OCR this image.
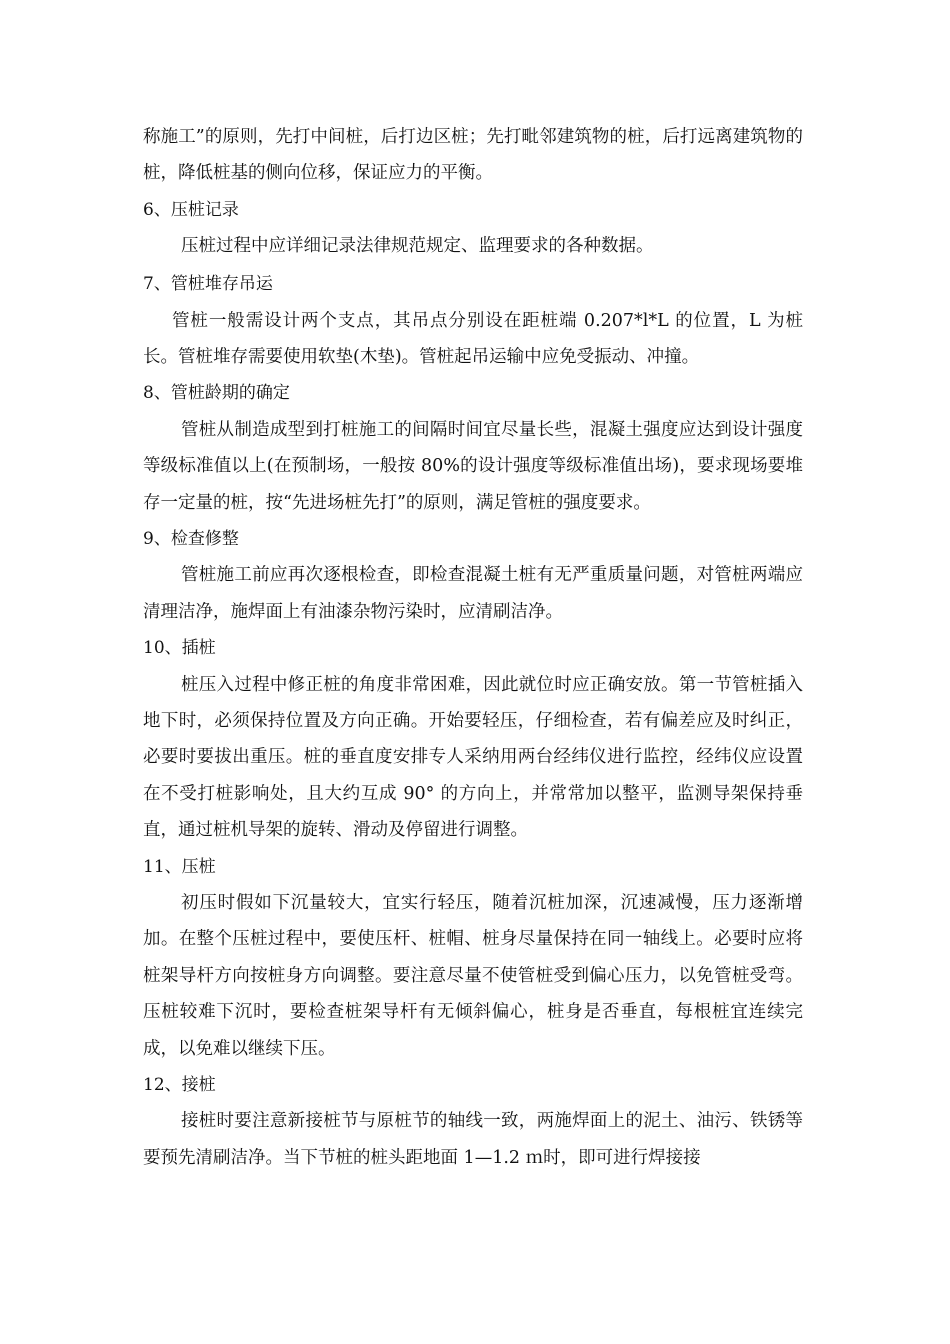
称施工”的原则，先打中间桩，后打边区桩；先打毗邻建筑物的桩，后打远离建筑物的桩，降低桩基的侧向位移，保证应力的平衡。

6、压桩记录

压桩过程中应详细记录法律规范规定、监理要求的各种数据。

7、管桩堆存吊运

管桩一般需设计两个支点，其吊点分别设在距桩端 0.207*l*L 的位置，L 为桩长。管桩堆存需要使用软垫(木垫)。管桩起吊运输中应免受振动、冲撞。

8、管桩龄期的确定

管桩从制造成型到打桩施工的间隔时间宜尽量长些，混凝土强度应达到设计强度等级标准值以上(在预制场，一般按 80%的设计强度等级标准值出场)，要求现场要堆存一定量的桩，按“先进场桩先打”的原则，满足管桩的强度要求。

9、检查修整

管桩施工前应再次逐根检查，即检查混凝土桩有无严重质量问题，对管桩两端应清理洁净，施焊面上有油漆杂物污染时，应清刷洁净。

10、插桩

桩压入过程中修正桩的角度非常困难，因此就位时应正确安放。第一节管桩插入地下时，必须保持位置及方向正确。开始要轻压，仔细检查，若有偏差应及时纠正，必要时要拔出重压。桩的垂直度安排专人采纳用两台经纬仪进行监控，经纬仪应设置在不受打桩影响处，且大约互成 90° 的方向上，并常常加以整平，监测导架保持垂直，通过桩机导架的旋转、滑动及停留进行调整。

11、压桩

初压时假如下沉量较大，宜实行轻压，随着沉桩加深，沉速减慢，压力逐渐增加。在整个压桩过程中，要使压杆、桩帽、桩身尽量保持在同一轴线上。必要时应将桩架导杆方向按桩身方向调整。要注意尽量不使管桩受到偏心压力，以免管桩受弯。压桩较难下沉时，要检查桩架导杆有无倾斜偏心，桩身是否垂直，每根桩宜连续完成，以免难以继续下压。

12、接桩

接桩时要注意新接桩节与原桩节的轴线一致，两施焊面上的泥土、油污、铁锈等要预先清刷洁净。当下节桩的桩头距地面 1—1.2 ｍ时，即可进行焊接接
